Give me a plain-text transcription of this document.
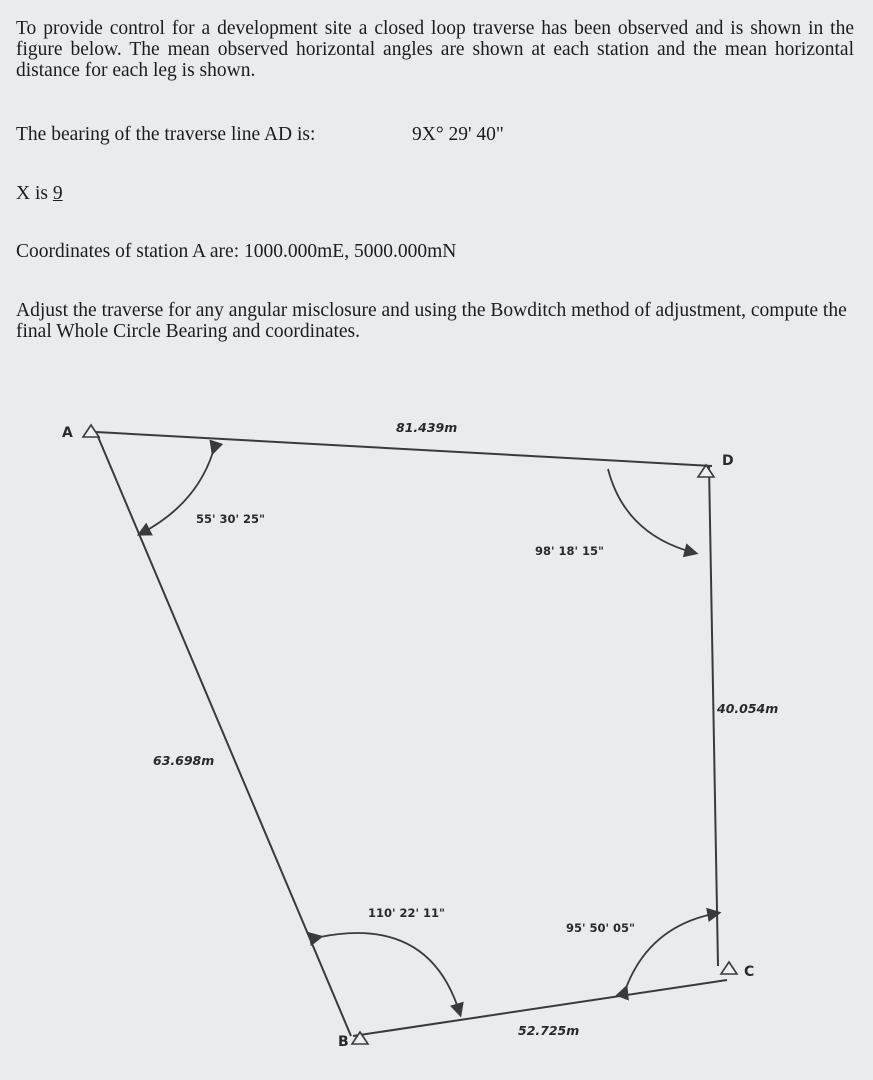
To provide control for a development site a closed loop traverse has been observed and is shown in the figure below. The mean observed horizontal angles are shown at each station and the mean horizontal distance for each leg is shown.
The bearing of the traverse line AD is:	9X° 29' 40"
X is 9
Coordinates of station A are: 1000.000mE, 5000.000mN
Adjust the traverse for any angular misclosure and using the Bowditch method of adjustment, compute the final Whole Circle Bearing and coordinates.
A
D
C
B
81.439m
63.698m
40.054m
52.725m
55' 30' 25"
98' 18' 15"
110' 22' 11"
95' 50' 05"
